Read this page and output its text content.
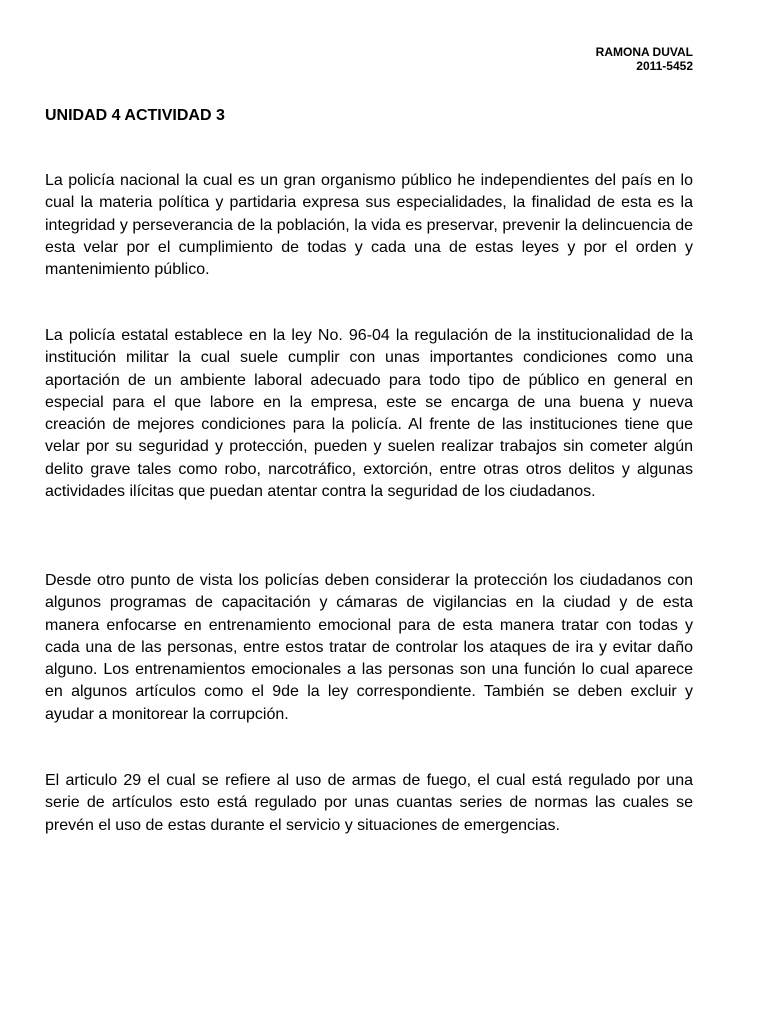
RAMONA DUVAL
2011-5452
UNIDAD 4 ACTIVIDAD 3

La policía nacional la cual es un gran organismo público he independientes del país en lo cual la materia política y partidaria expresa sus especialidades, la finalidad de esta es la integridad y perseverancia de la población, la vida es preservar, prevenir la delincuencia de esta velar por el cumplimiento de todas y cada una de estas leyes y por el orden y mantenimiento público.

La policía estatal establece en la ley No. 96-04 la regulación de la institucionalidad de la institución militar la cual suele cumplir con unas importantes condiciones como una aportación de un ambiente laboral adecuado para todo tipo de público en general en especial para el que labore en la empresa, este se encarga de una buena y nueva creación de mejores condiciones para la policía. Al frente de las instituciones tiene que velar por su seguridad y protección, pueden y suelen realizar trabajos sin cometer algún delito grave tales como robo, narcotráfico, extorción, entre otras otros delitos y algunas actividades ilícitas que puedan atentar contra la seguridad de los ciudadanos.

Desde otro punto de vista los policías deben considerar la protección los ciudadanos con algunos programas de capacitación y cámaras de vigilancias en la ciudad y de esta manera enfocarse en entrenamiento emocional para de esta manera tratar con todas y cada una de las personas, entre estos tratar de controlar los ataques de ira y evitar daño alguno. Los entrenamientos emocionales a las personas son una función lo cual aparece en algunos artículos como el 9de la ley correspondiente. También se deben excluir y ayudar a monitorear la corrupción.

El articulo 29 el cual se refiere al uso de armas de fuego, el cual está regulado por una serie de artículos esto está regulado por unas cuantas series de normas las cuales se prevén el uso de estas durante el servicio y situaciones de emergencias.
